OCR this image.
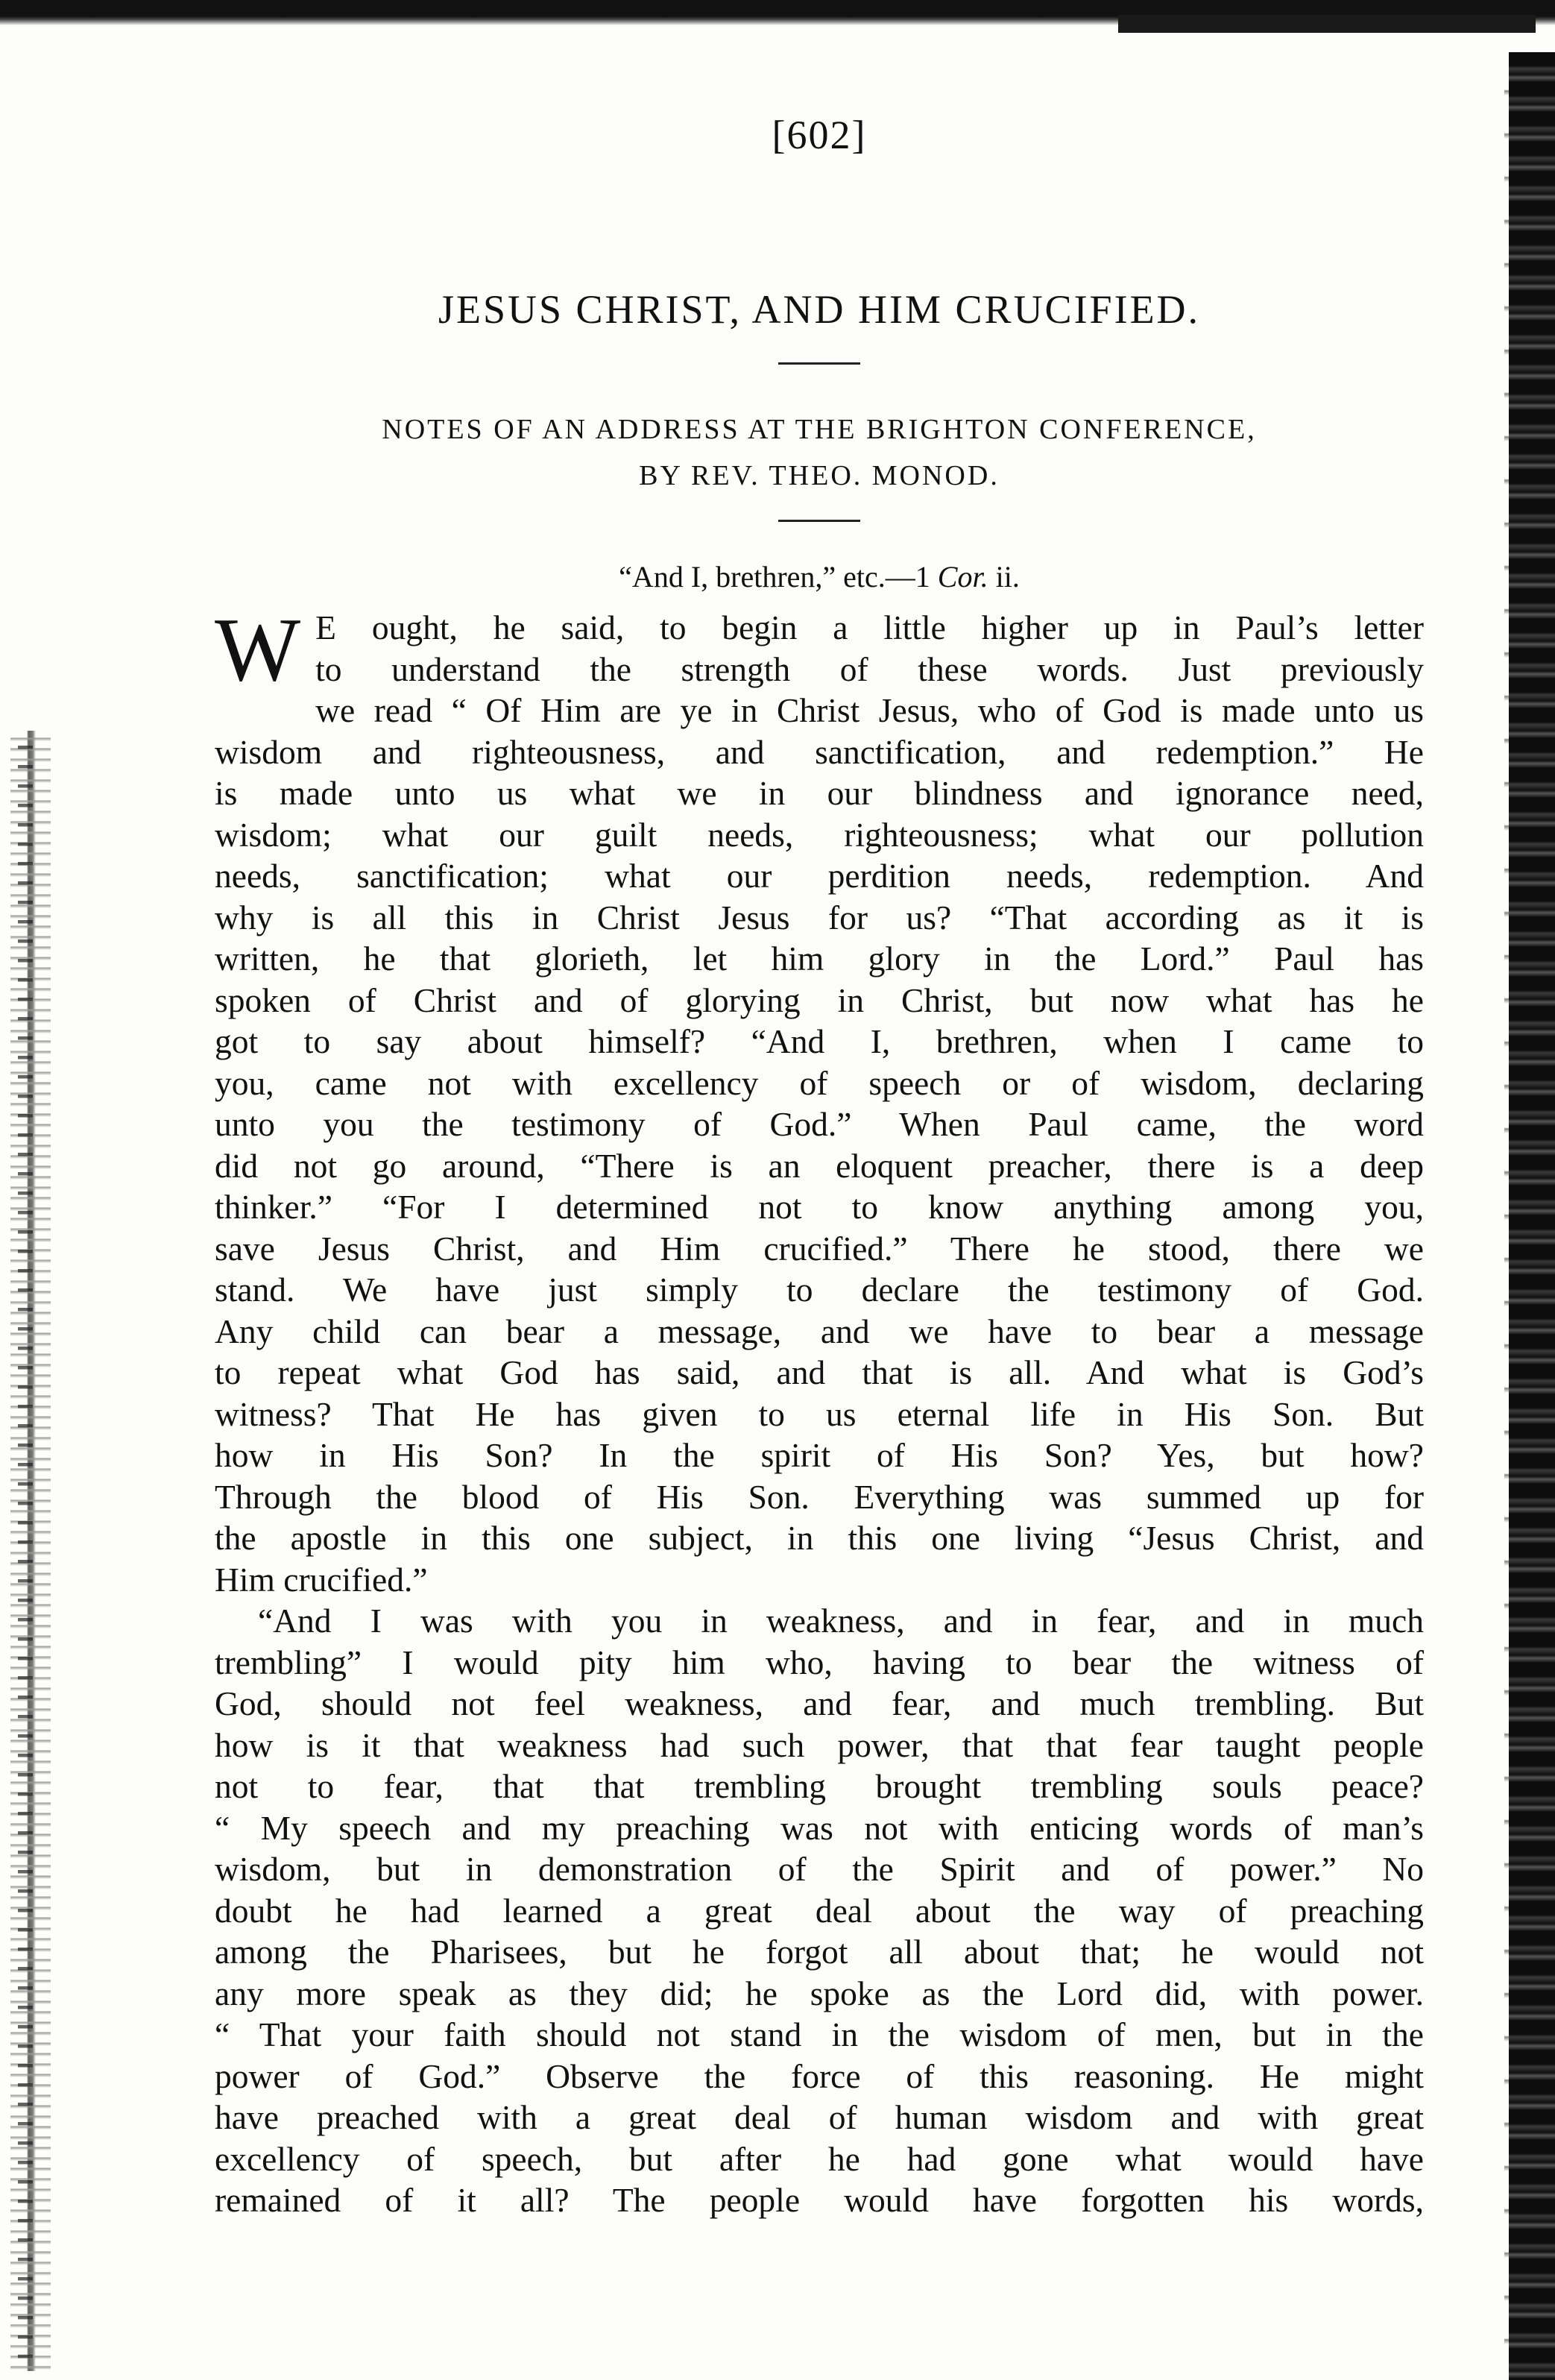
[602]

JESUS CHRIST, AND HIM CRUCIFIED.

NOTES OF AN ADDRESS AT THE BRIGHTON CONFERENCE,
BY REV. THEO. MONOD.

“And I, brethren,” etc.—1 Cor. ii.

W E ought, he said, to begin a little higher up in Paul’s letter
to understand the strength of these words. Just previously
we read “ Of Him are ye in Christ Jesus, who of God is made unto us
wisdom and righteousness, and sanctification, and redemption.” He
is made unto us what we in our blindness and ignorance need,
wisdom; what our guilt needs, righteousness; what our pollution
needs, sanctification; what our perdition needs, redemption. And
why is all this in Christ Jesus for us? “That according as it is
written, he that glorieth, let him glory in the Lord.” Paul has
spoken of Christ and of glorying in Christ, but now what has he
got to say about himself? “And I, brethren, when I came to
you, came not with excellency of speech or of wisdom, declaring
unto you the testimony of God.” When Paul came, the word
did not go around, “There is an eloquent preacher, there is a deep
thinker.” “For I determined not to know anything among you,
save Jesus Christ, and Him crucified.” There he stood, there we
stand. We have just simply to declare the testimony of God.
Any child can bear a message, and we have to bear a message
to repeat what God has said, and that is all. And what is God’s
witness? That He has given to us eternal life in His Son. But
how in His Son? In the spirit of His Son? Yes, but how?
Through the blood of His Son. Everything was summed up for
the apostle in this one subject, in this one living “Jesus Christ, and
Him crucified.”
“And I was with you in weakness, and in fear, and in much
trembling” I would pity him who, having to bear the witness of
God, should not feel weakness, and fear, and much trembling. But
how is it that weakness had such power, that that fear taught people
not to fear, that that trembling brought trembling souls peace?
“ My speech and my preaching was not with enticing words of man’s
wisdom, but in demonstration of the Spirit and of power.” No
doubt he had learned a great deal about the way of preaching
among the Pharisees, but he forgot all about that; he would not
any more speak as they did; he spoke as the Lord did, with power.
“ That your faith should not stand in the wisdom of men, but in the
power of God.” Observe the force of this reasoning. He might
have preached with a great deal of human wisdom and with great
excellency of speech, but after he had gone what would have
remained of it all? The people would have forgotten his words,
